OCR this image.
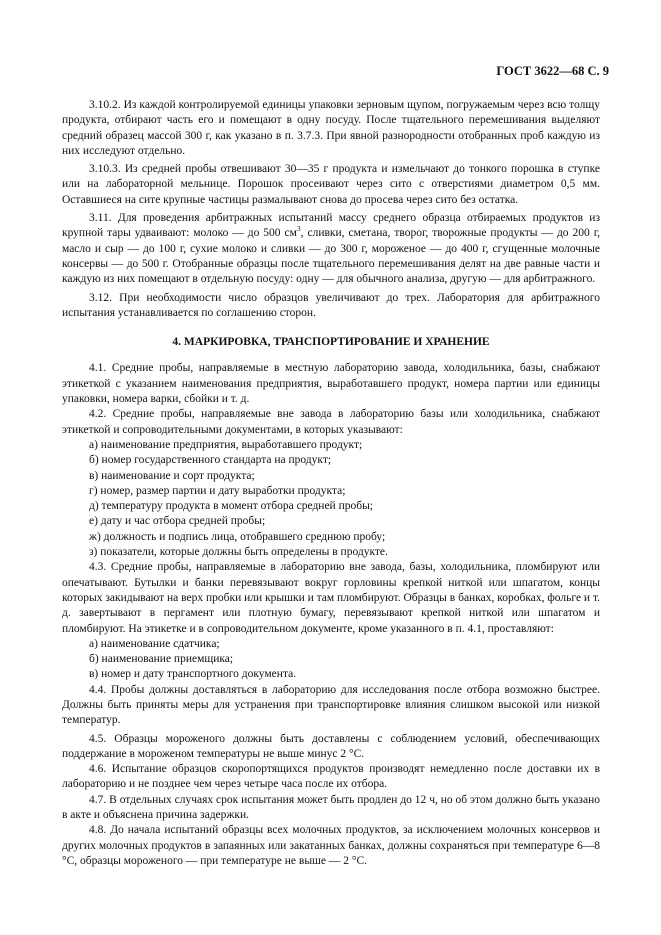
ГОСТ 3622—68 С. 9

3.10.2. Из каждой контролируемой единицы упаковки зерновым щупом, погружаемым через всю толщу продукта, отбирают часть его и помещают в одну посуду. После тщательного перемешивания выделяют средний образец массой 300 г, как указано в п. 3.7.3. При явной разнородности отобранных проб каждую из них исследуют отдельно.

3.10.3. Из средней пробы отвешивают 30—35 г продукта и измельчают до тонкого порошка в ступке или на лабораторной мельнице. Порошок просеивают через сито с отверстиями диаметром 0,5 мм. Оставшиеся на сите крупные частицы размалывают снова до просева через сито без остатка.

3.11. Для проведения арбитражных испытаний массу среднего образца отбираемых продуктов из крупной тары удваивают: молоко — до 500 $см^3$, сливки, сметана, творог, творожные продукты — до 200 г, масло и сыр — до 100 г, сухие молоко и сливки — до 300 г, мороженое — до 400 г, сгущенные молочные консервы — до 500 г. Отобранные образцы после тщательного перемешивания делят на две равные части и каждую из них помещают в отдельную посуду: одну — для обычного анализа, другую — для арбитражного.

3.12. При необходимости число образцов увеличивают до трех. Лаборатория для арбитражного испытания устанавливается по соглашению сторон.

4. МАРКИРОВКА, ТРАНСПОРТИРОВАНИЕ И ХРАНЕНИЕ

4.1. Средние пробы, направляемые в местную лабораторию завода, холодильника, базы, снабжают этикеткой с указанием наименования предприятия, выработавшего продукт, номера партии или единицы упаковки, номера варки, сбойки и т. д.

4.2. Средние пробы, направляемые вне завода в лабораторию базы или холодильника, снабжают этикеткой и сопроводительными документами, в которых указывают:

а) наименование предприятия, выработавшего продукт;

б) номер государственного стандарта на продукт;

в) наименование и сорт продукта;

г) номер, размер партии и дату выработки продукта;

д) температуру продукта в момент отбора средней пробы;

е) дату и час отбора средней пробы;

ж) должность и подпись лица, отобравшего среднюю пробу;

з) показатели, которые должны быть определены в продукте.

4.3. Средние пробы, направляемые в лабораторию вне завода, базы, холодильника, пломбируют или опечатывают. Бутылки и банки перевязывают вокруг горловины крепкой ниткой или шпагатом, концы которых закидывают на верх пробки или крышки и там пломбируют. Образцы в банках, коробках, фольге и т. д. завертывают в пергамент или плотную бумагу, перевязывают крепкой ниткой или шпагатом и пломбируют. На этикетке и в сопроводительном документе, кроме указанного в п. 4.1, проставляют:

а) наименование сдатчика;

б) наименование приемщика;

в) номер и дату транспортного документа.

4.4. Пробы должны доставляться в лабораторию для исследования после отбора возможно быстрее. Должны быть приняты меры для устранения при транспортировке влияния слишком высокой или низкой температур.

4.5. Образцы мороженого должны быть доставлены с соблюдением условий, обеспечивающих поддержание в мороженом температуры не выше минус 2 °С.

4.6. Испытание образцов скоропортящихся продуктов производят немедленно после доставки их в лабораторию и не позднее чем через четыре часа после их отбора.

4.7. В отдельных случаях срок испытания может быть продлен до 12 ч, но об этом должно быть указано в акте и объяснена причина задержки.

4.8. До начала испытаний образцы всех молочных продуктов, за исключением молочных консервов и других молочных продуктов в запаянных или закатанных банках, должны сохраняться при температуре 6—8 °С, образцы мороженого — при температуре не выше — 2 °С.
